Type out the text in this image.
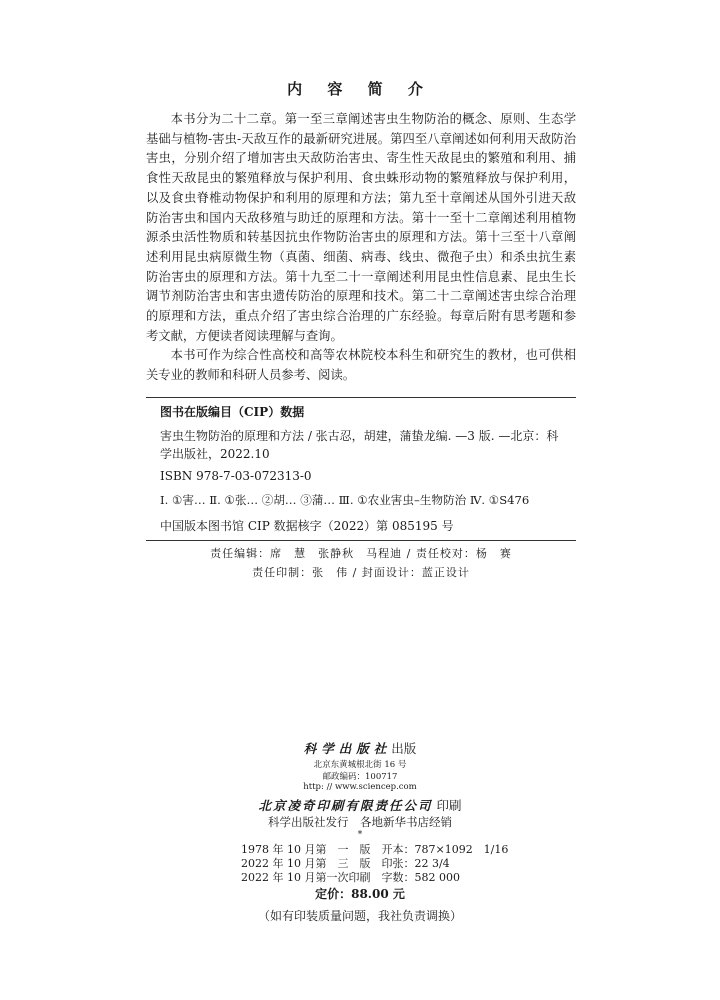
内 容 简 介

本书分为二十二章。第一至三章阐述害虫生物防治的概念、原则、生态学基础与植物-害虫-天敌互作的最新研究进展。第四至八章阐述如何利用天敌防治害虫，分别介绍了增加害虫天敌防治害虫、寄生性天敌昆虫的繁殖和利用、捕食性天敌昆虫的繁殖释放与保护利用、食虫蛛形动物的繁殖释放与保护利用，以及食虫脊椎动物保护和利用的原理和方法；第九至十章阐述从国外引进天敌防治害虫和国内天敌移殖与助迁的原理和方法。第十一至十二章阐述利用植物源杀虫活性物质和转基因抗虫作物防治害虫的原理和方法。第十三至十八章阐述利用昆虫病原微生物（真菌、细菌、病毒、线虫、微孢子虫）和杀虫抗生素防治害虫的原理和方法。第十九至二十一章阐述利用昆虫性信息素、昆虫生长调节剂防治害虫和害虫遗传防治的原理和技术。第二十二章阐述害虫综合治理的原理和方法，重点介绍了害虫综合治理的广东经验。每章后附有思考题和参考文献，方便读者阅读理解与查询。

本书可作为综合性高校和高等农林院校本科生和研究生的教材，也可供相关专业的教师和科研人员参考、阅读。

图书在版编目（CIP）数据
害虫生物防治的原理和方法 / 张古忍，胡建，蒲蛰龙编. —3 版. —北京：科学出版社，2022.10
ISBN 978-7-03-072313-0
Ⅰ. ①害… Ⅱ. ①张… ②胡… ③蒲… Ⅲ. ①农业害虫–生物防治 Ⅳ. ①S476
中国版本图书馆 CIP 数据核字（2022）第 085195 号
责任编辑：席　慧　张静秋　马程迪 / 责任校对：杨　赛
责任印制：张　伟 / 封面设计：蓝正设计
科学出版社出版
北京东黄城根北街 16 号
邮政编码：100717
http: // www.sciencep.com
北京凌奇印刷有限责任公司 印刷
科学出版社发行　各地新华书店经销
*
1978 年 10 月第　一　版　开本：787×1092　1/16
2022 年 10 月第　三　版　印张：22 3/4
2022 年 10 月第一次印刷　字数：582 000
定价：88.00 元
（如有印装质量问题，我社负责调换）
